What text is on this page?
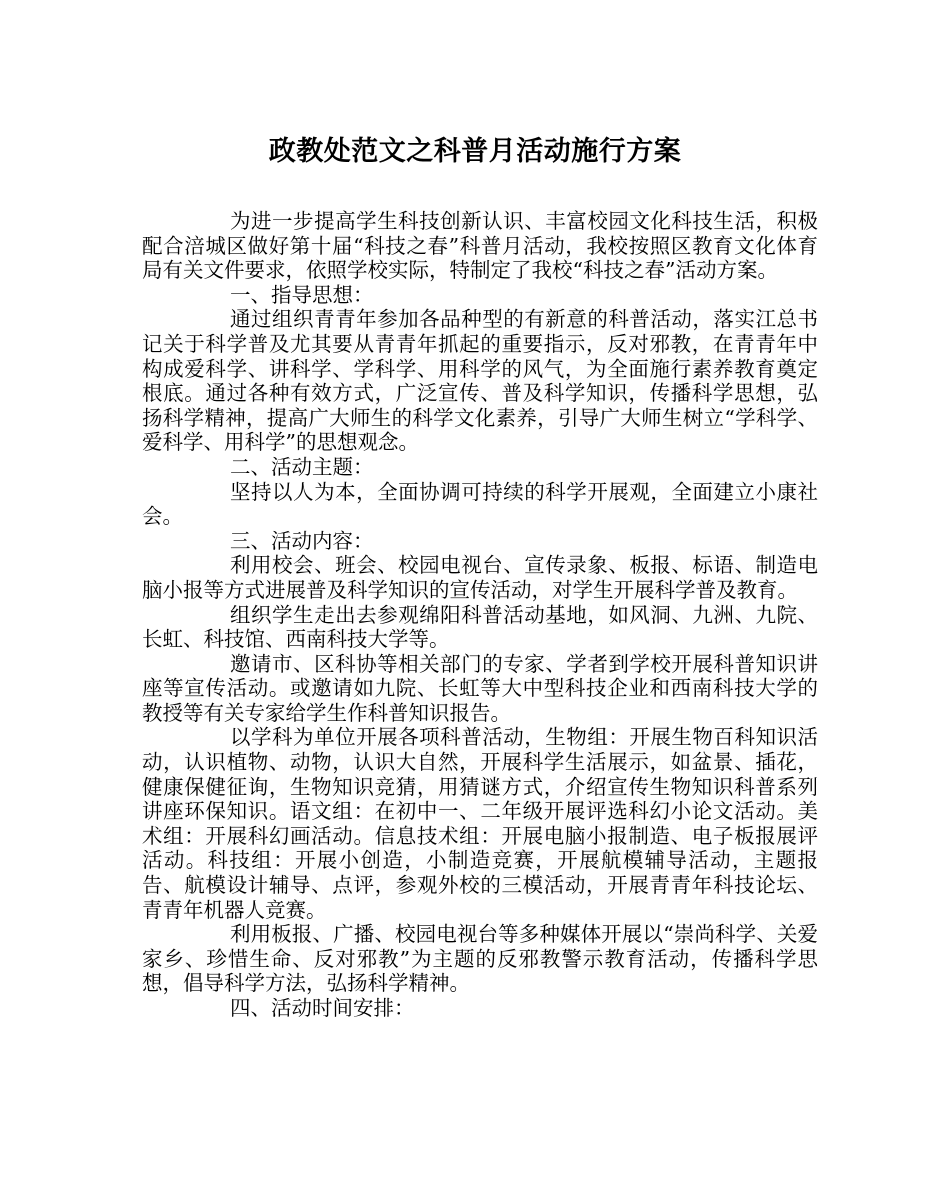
政教处范文之科普月活动施行方案

为进一步提高学生科技创新认识、丰富校园文化科技生活，积极配合涪城区做好第十届“科技之春”科普月活动，我校按照区教育文化体育局有关文件要求，依照学校实际，特制定了我校“科技之春”活动方案。

一、指导思想：

通过组织青青年参加各品种型的有新意的科普活动，落实江总书记关于科学普及尤其要从青青年抓起的重要指示，反对邪教，在青青年中构成爱科学、讲科学、学科学、用科学的风气，为全面施行素养教育奠定根底。通过各种有效方式，广泛宣传、普及科学知识，传播科学思想，弘扬科学精神，提高广大师生的科学文化素养，引导广大师生树立“学科学、爱科学、用科学”的思想观念。

二、活动主题：

坚持以人为本，全面协调可持续的科学开展观，全面建立小康社会。

三、活动内容：

利用校会、班会、校园电视台、宣传录象、板报、标语、制造电脑小报等方式进展普及科学知识的宣传活动，对学生开展科学普及教育。

组织学生走出去参观绵阳科普活动基地，如风洞、九洲、九院、长虹、科技馆、西南科技大学等。

邀请市、区科协等相关部门的专家、学者到学校开展科普知识讲座等宣传活动。或邀请如九院、长虹等大中型科技企业和西南科技大学的教授等有关专家给学生作科普知识报告。

以学科为单位开展各项科普活动，生物组：开展生物百科知识活动，认识植物、动物，认识大自然，开展科学生活展示，如盆景、插花，健康保健征询，生物知识竞猜，用猜谜方式，介绍宣传生物知识科普系列讲座环保知识。语文组：在初中一、二年级开展评选科幻小论文活动。美术组：开展科幻画活动。信息技术组：开展电脑小报制造、电子板报展评活动。科技组：开展小创造，小制造竞赛，开展航模辅导活动，主题报告、航模设计辅导、点评，参观外校的三模活动，开展青青年科技论坛、青青年机器人竞赛。

利用板报、广播、校园电视台等多种媒体开展以“崇尚科学、关爱家乡、珍惜生命、反对邪教”为主题的反邪教警示教育活动，传播科学思想，倡导科学方法，弘扬科学精神。

四、活动时间安排：
